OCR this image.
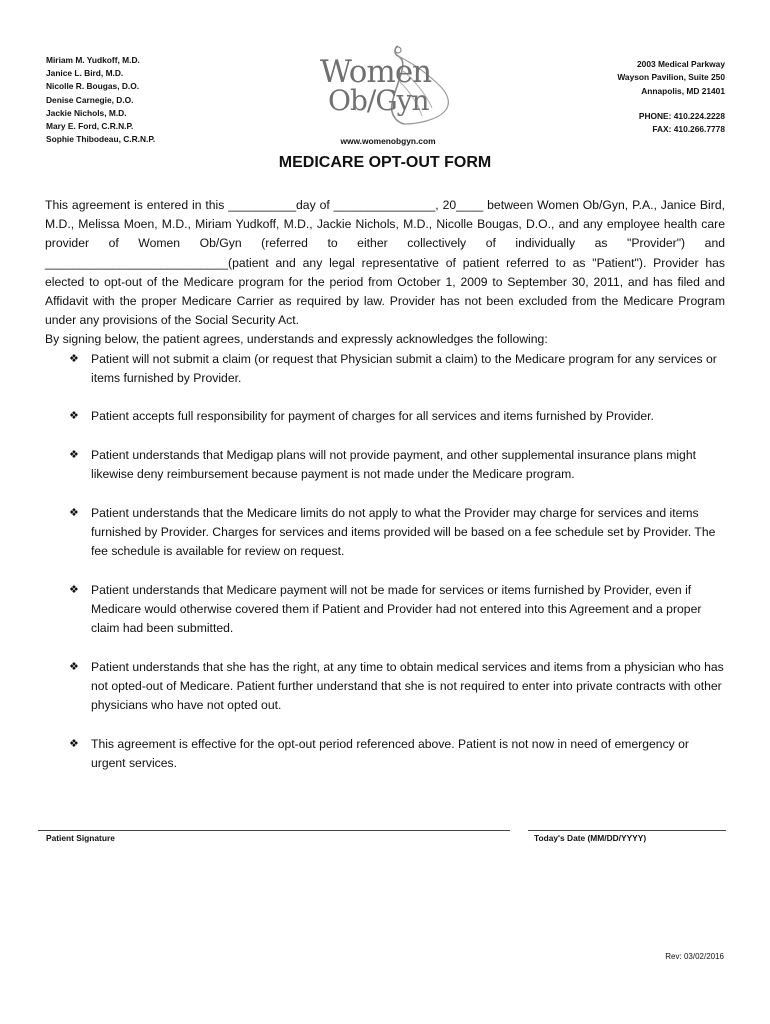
Miriam M. Yudkoff, M.D.
Janice L. Bird, M.D.
Nicolle R. Bougas, D.O.
Denise Carnegie, D.O.
Jackie Nichols, M.D.
Mary E. Ford, C.R.N.P.
Sophie Thibodeau, C.R.N.P.
Women
Ob/Gyn
www.womenobgyn.com
2003 Medical Parkway
Wayson Pavilion, Suite 250
Annapolis, MD 21401
PHONE: 410.224.2228
FAX: 410.266.7778
MEDICARE OPT-OUT FORM
This agreement is entered in this __________day of _______________, 20____ between Women Ob/Gyn, P.A., Janice Bird, M.D., Melissa Moen, M.D., Miriam Yudkoff, M.D., Jackie Nichols, M.D., Nicolle Bougas, D.O., and any employee health care provider of Women Ob/Gyn (referred to either collectively of individually as "Provider") and ___________________________(patient and any legal representative of patient referred to as "Patient"). Provider has elected to opt-out of the Medicare program for the period from October 1, 2009 to September 30, 2011, and has filed and Affidavit with the proper Medicare Carrier as required by law. Provider has not been excluded from the Medicare Program under any provisions of the Social Security Act.
By signing below, the patient agrees, understands and expressly acknowledges the following:
❖ Patient will not submit a claim (or request that Physician submit a claim) to the Medicare program for any services or items furnished by Provider.
❖ Patient accepts full responsibility for payment of charges for all services and items furnished by Provider.
❖ Patient understands that Medigap plans will not provide payment, and other supplemental insurance plans might likewise deny reimbursement because payment is not made under the Medicare program.
❖ Patient understands that the Medicare limits do not apply to what the Provider may charge for services and items furnished by Provider. Charges for services and items provided will be based on a fee schedule set by Provider. The fee schedule is available for review on request.
❖ Patient understands that Medicare payment will not be made for services or items furnished by Provider, even if Medicare would otherwise covered them if Patient and Provider had not entered into this Agreement and a proper claim had been submitted.
❖ Patient understands that she has the right, at any time to obtain medical services and items from a physician who has not opted-out of Medicare. Patient further understand that she is not required to enter into private contracts with other physicians who have not opted out.
❖ This agreement is effective for the opt-out period referenced above. Patient is not now in need of emergency or urgent services.
Patient Signature	Today's Date (MM/DD/YYYY)
Rev: 03/02/2016
